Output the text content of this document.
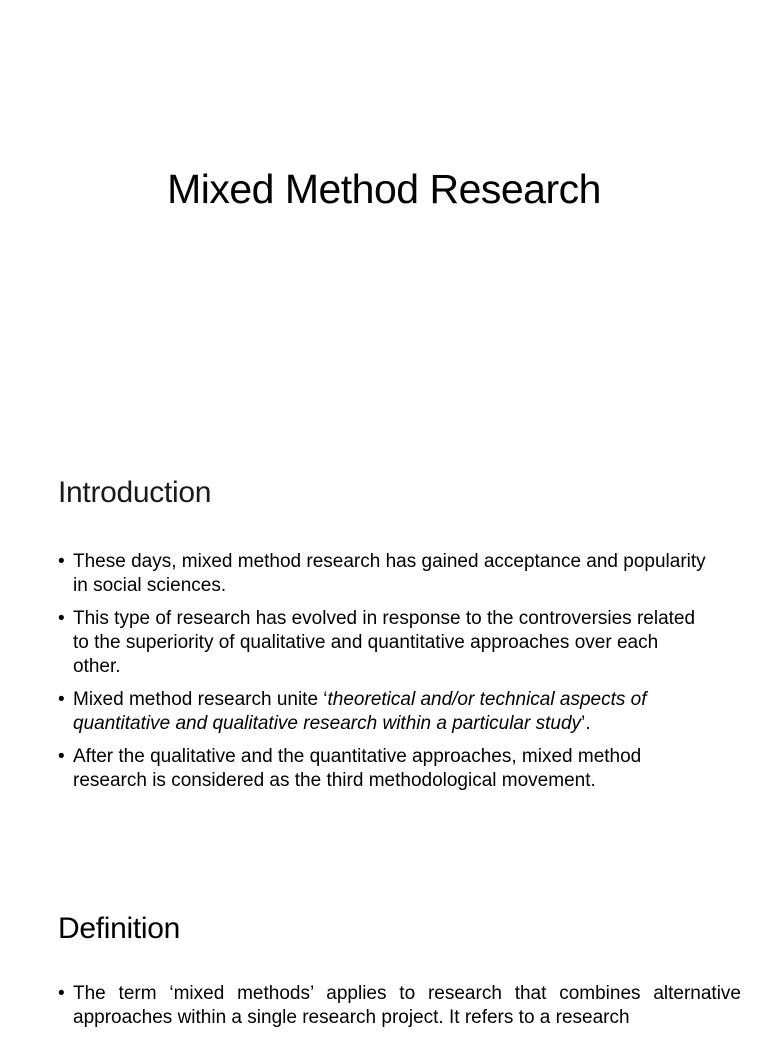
Mixed Method Research
Introduction
• These days, mixed method research has gained acceptance and popularity in social sciences.
• This type of research has evolved in response to the controversies related to the superiority of qualitative and quantitative approaches over each other.
• Mixed method research unite ‘theoretical and/or technical aspects of quantitative and qualitative research within a particular study’.
• After the qualitative and the quantitative approaches, mixed method research is considered as the third methodological movement.
Definition
• The term ‘mixed methods’ applies to research that combines alternative approaches within a single research project. It refers to a research
